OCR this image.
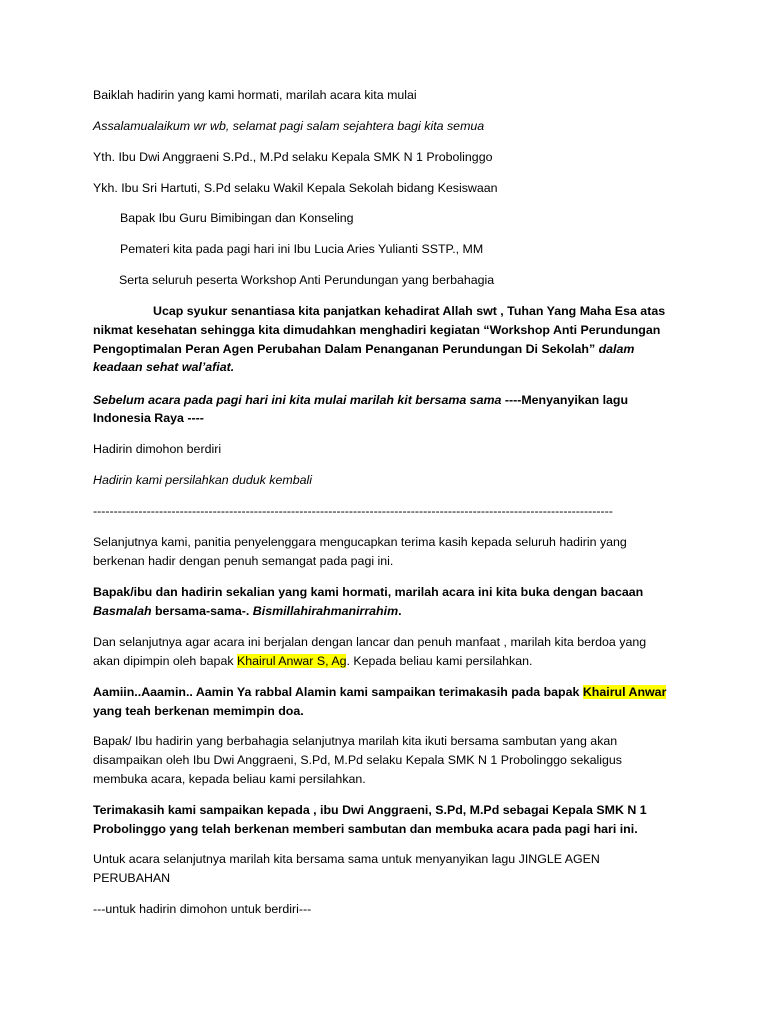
Baiklah hadirin yang kami hormati, marilah acara kita mulai

Assalamualaikum wr wb, selamat pagi salam sejahtera bagi kita semua

Yth. Ibu Dwi Anggraeni S.Pd., M.Pd selaku Kepala SMK N 1 Probolinggo

Ykh. Ibu Sri Hartuti, S.Pd selaku Wakil Kepala Sekolah bidang Kesiswaan

Bapak Ibu Guru Bimibingan dan Konseling

Pemateri kita pada pagi hari ini Ibu Lucia Aries Yulianti SSTP., MM

Serta seluruh peserta Workshop Anti Perundungan yang berbahagia

Ucap syukur senantiasa kita panjatkan kehadirat Allah swt , Tuhan Yang Maha Esa atas

nikmat kesehatan sehingga kita dimudahkan menghadiri kegiatan “Workshop Anti Perundungan

Pengoptimalan Peran Agen Perubahan Dalam Penanganan Perundungan Di Sekolah” dalam

keadaan sehat wal’afiat.

Sebelum acara pada pagi hari ini kita mulai marilah kit bersama sama ----Menyanyikan lagu

Indonesia Raya ----

Hadirin dimohon berdiri

Hadirin kami persilahkan duduk kembali

------------------------------------------------------------------------------------------------------------------------------

Selanjutnya kami, panitia penyelenggara mengucapkan terima kasih kepada seluruh hadirin yang

berkenan hadir dengan penuh semangat pada pagi ini.

Bapak/ibu dan hadirin sekalian yang kami hormati, marilah acara ini kita buka dengan bacaan

Basmalah bersama-sama-. Bismillahirahmanirrahim.

Dan selanjutnya agar acara ini berjalan dengan lancar dan penuh manfaat , marilah kita berdoa yang

akan dipimpin oleh bapak Khairul Anwar S, Ag. Kepada beliau kami persilahkan.

Aamiin..Aaamin.. Aamin Ya rabbal Alamin kami sampaikan terimakasih pada bapak Khairul Anwar

yang teah berkenan memimpin doa.

Bapak/ Ibu hadirin yang berbahagia selanjutnya marilah kita ikuti bersama sambutan yang akan

disampaikan oleh Ibu Dwi Anggraeni, S.Pd, M.Pd selaku Kepala SMK N 1 Probolinggo sekaligus

membuka acara, kepada beliau kami persilahkan.

Terimakasih kami sampaikan kepada , ibu Dwi Anggraeni, S.Pd, M.Pd sebagai Kepala SMK N 1

Probolinggo yang telah berkenan memberi sambutan dan membuka acara pada pagi hari ini.

Untuk acara selanjutnya marilah kita bersama sama untuk menyanyikan lagu JINGLE AGEN

PERUBAHAN

---untuk hadirin dimohon untuk berdiri---
